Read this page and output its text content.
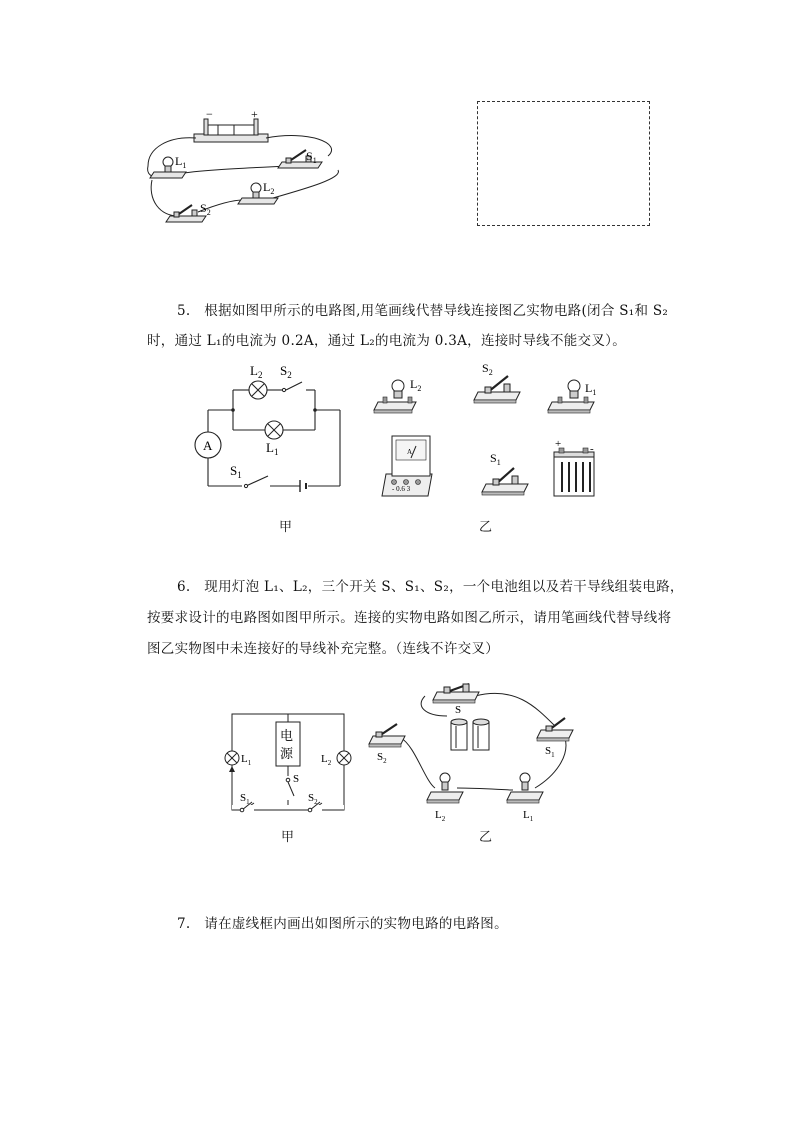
−	+
$L_1$
$S_1$
$L_2$
$S_2$
5. 根据如图甲所示的电路图,用笔画线代替导线连接图乙实物电路(闭合 S₁和 S₂
时，通过 L₁的电流为 0.2A，通过 L₂的电流为 0.3A，连接时导线不能交叉）。
A
$L_2$ $S_2$
$L_1$
$S_1$
$L_2$
$S_2$
$L_1$
A
- 0.6 3
$S_1$
+	-
甲	乙
6. 现用灯泡 L₁、L₂，三个开关 S、S₁、S₂，一个电池组以及若干导线组装电路，
按要求设计的电路图如图甲所示。连接的实物电路如图乙所示，请用笔画线代替导线将
图乙实物图中未连接好的导线补充完整。（连线不许交叉）
电
源
$L_1$	$L_2$
S
$S_1$	$S_2$
S
$S_2$
$S_1$
$L_2$	$L_1$
甲	乙
7. 请在虚线框内画出如图所示的实物电路的电路图。
